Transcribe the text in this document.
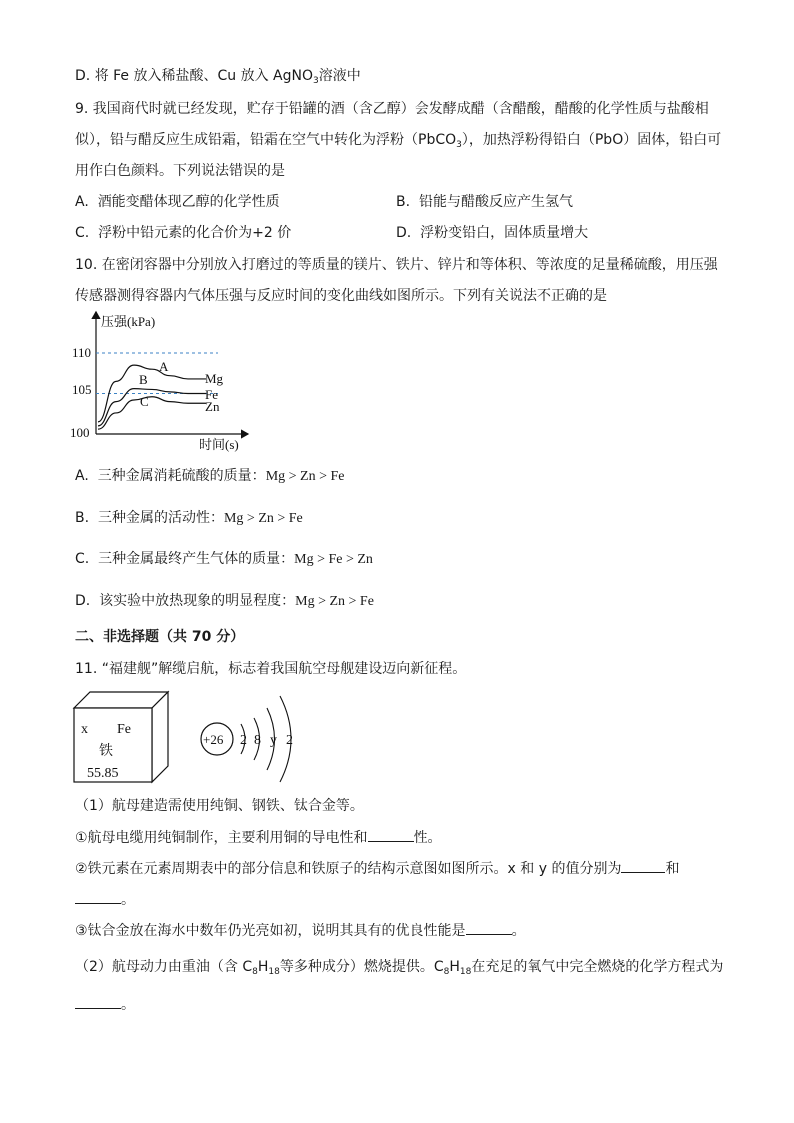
D. 将 Fe 放入稀盐酸、Cu 放入 AgNO$_3$溶液中
9. 我国商代时就已经发现，贮存于铅罐的酒（含乙醇）会发酵成醋（含醋酸，醋酸的化学性质与盐酸相
似），铅与醋反应生成铅霜，铅霜在空气中转化为浮粉（PbCO$_3$），加热浮粉得铅白（PbO）固体，铅白可
用作白色颜料。下列说法错误的是
A. 酒能变醋体现乙醇的化学性质	B. 铅能与醋酸反应产生氢气
C. 浮粉中铅元素的化合价为+2 价	D. 浮粉变铅白，固体质量增大
10. 在密闭容器中分别放入打磨过的等质量的镁片、铁片、锌片和等体积、等浓度的足量稀硫酸，用压强
传感器测得容器内气体压强与反应时间的变化曲线如图所示。下列有关说法不正确的是
压强(kPa)
时间(s)
100
105
110
A
B
C
Mg
Fe
Zn
A. 三种金属消耗硫酸的质量：Mg > Zn > Fe
B. 三种金属的活动性：Mg > Zn > Fe
C. 三种金属最终产生气体的质量：Mg > Fe > Zn
D. 该实验中放热现象的明显程度：Mg > Zn > Fe
二、非选择题（共 70 分）
11. “福建舰”解缆启航，标志着我国航空母舰建设迈向新征程。
x Fe
铁
55.85
+26 2 8 y 2
（1）航母建造需使用纯铜、钢铁、钛合金等。
①航母电缆用纯铜制作，主要利用铜的导电性和	性。
②铁元素在元素周期表中的部分信息和铁原子的结构示意图如图所示。x 和 y 的值分别为	和
。
③钛合金放在海水中数年仍光亮如初，说明其具有的优良性能是	。
（2）航母动力由重油（含 $C_8H_{18}$等多种成分）燃烧提供。$C_8H_{18}$在充足的氧气中完全燃烧的化学方程式为
。
